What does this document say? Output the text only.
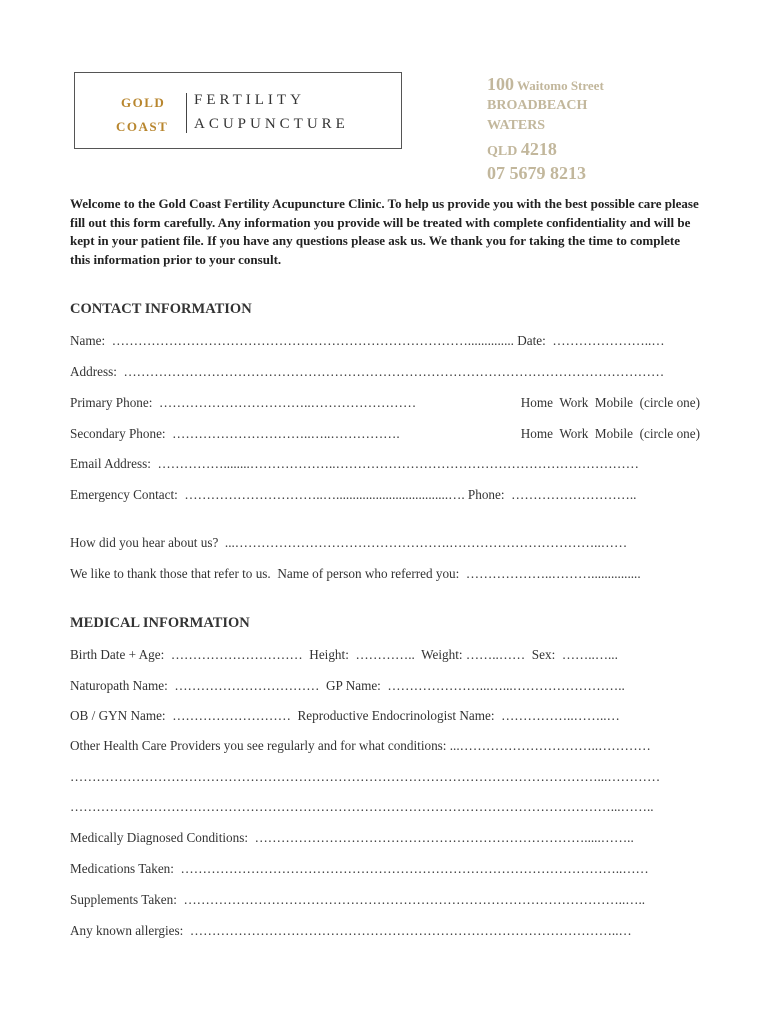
GOLD
COAST
FERTILITY
ACUPUNCTURE
100 Waitomo Street
BROADBEACH
WATERS
QLD 4218
07 5679 8213
Welcome to the Gold Coast Fertility Acupuncture Clinic. To help us provide you with the best possible care please fill out this form carefully. Any information you provide will be treated with complete confidentiality and will be kept in your patient file. If you have any questions please ask us. We thank you for taking the time to complete this information prior to your consult.
CONTACT INFORMATION
Name:  ……………………………………………………………………….............. Date:  …………………..…
Address:  ……………………………………………………………………………………………………………
Primary Phone:  ……………………………..……………………	Home  Work  Mobile  (circle one)
Secondary Phone:  …………………………..…..…………….	Home  Work  Mobile  (circle one)
Email Address:  ……………........………………..……………………………………………………………
Emergency Contact:  …………………………..…..................................…. Phone:  ………………………..
How did you hear about us?  ...………………………………………….……………………………..……
We like to thank those that refer to us.  Name of person who referred you:  ………………..………...............
MEDICAL INFORMATION
Birth Date + Age:  …………………………  Height:  …………..  Weight: ……..……  Sex:  ……..…...
Naturopath Name:  ……………………………  GP Name:  …………………...…...……………………..
OB / GYN Name:  ………………………  Reproductive Endocrinologist Name:  ……………..……..…
Other Health Care Providers you see regularly and for what conditions: ...…………………………..…………
…………………………………………………………………………………………………………...…………
……………………………………………………………………………………………………………...……..
Medically Diagnosed Conditions:  ………………………………………………………………….....……..
Medications Taken:  ………………………………………………………………………………………..……
Supplements Taken:  ………………………………………………………………………………………..…..
Any known allergies:  ……………………………………………………………………………………..…
